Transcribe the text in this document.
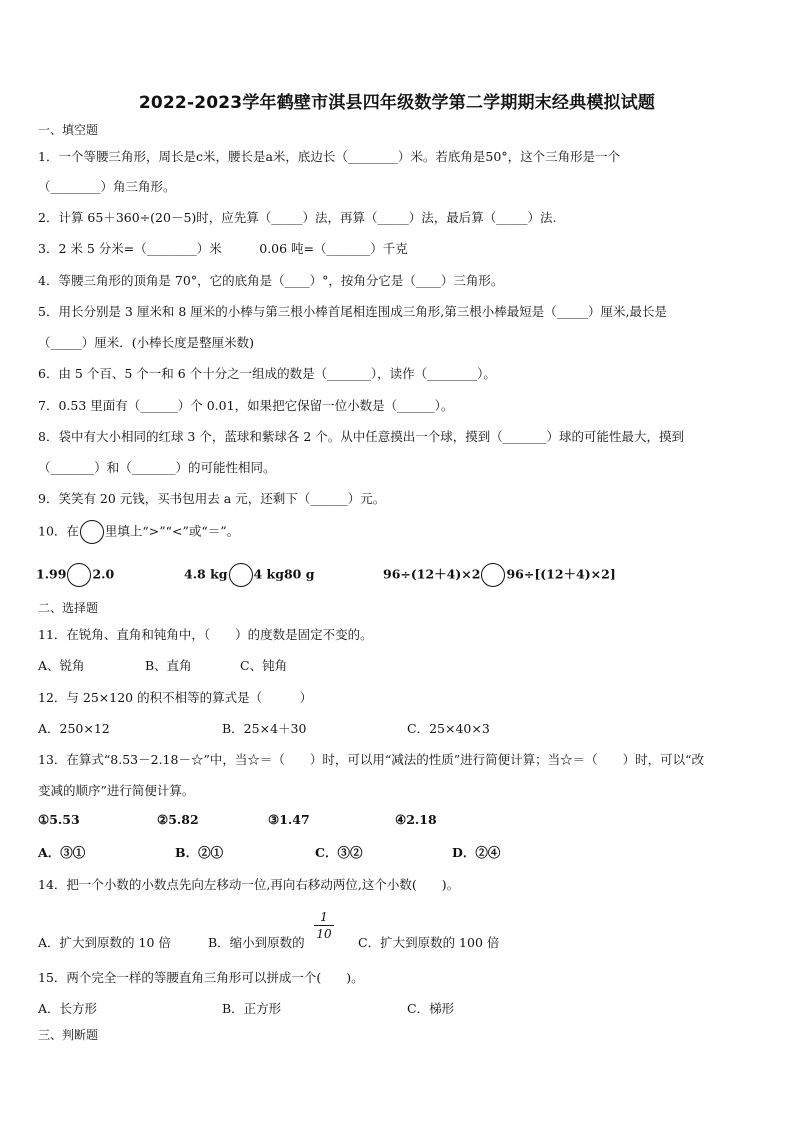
2022-2023学年鹤壁市淇县四年级数学第二学期期末经典模拟试题
一、填空题
1．一个等腰三角形，周长是c米，腰长是a米，底边长（________）米。若底角是50°，这个三角形是一个
（________）角三角形。
2．计算 65＋360÷(20－5)时，应先算（_____）法，再算（_____）法，最后算（_____）法.
3．2 米 5 分米=（________）米　　　0.06 吨=（_______）千克
4．等腰三角形的顶角是 70°，它的底角是（____）°，按角分它是（____）三角形。
5．用长分别是 3 厘米和 8 厘米的小棒与第三根小棒首尾相连围成三角形,第三根小棒最短是（_____）厘米,最长是
（_____）厘米．(小棒长度是整厘米数)
6．由 5 个百、5 个一和 6 个十分之一组成的数是（_______），读作（________）。
7．0.53 里面有（______）个 0.01，如果把它保留一位小数是（______）。
8．袋中有大小相同的红球 3 个，蓝球和紫球各 2 个。从中任意摸出一个球，摸到（_______）球的可能性最大，摸到
（_______）和（_______）的可能性相同。
9．笑笑有 20 元钱，买书包用去 a 元，还剩下（______）元。
10．在 里填上“>”“<”或“＝”。
1.99 2.0	4.8 kg 4 kg80 g	96÷(12＋4)×2 96÷[(12＋4)×2]
二、选择题
11．在锐角、直角和钝角中，（　　）的度数是固定不变的。
A、锐角	B、直角	C、钝角
12．与 25×120 的积不相等的算式是（　　　）
A．250×12	B．25×4＋30	C．25×40×3
13．在算式“8.53－2.18－☆”中，当☆＝（　　）时，可以用“减法的性质”进行简便计算；当☆＝（　　）时，可以“改
变减的顺序”进行简便计算。
①5.53	②5.82	③1.47	④2.18
A．③①	B．②①	C．③②	D．②④
14．把一个小数的小数点先向左移动一位,再向右移动两位,这个小数(　　)。
A．扩大到原数的 10 倍	B．缩小到原数的
1
10
C．扩大到原数的 100 倍
15．两个完全一样的等腰直角三角形可以拼成一个(　　)。
A．长方形	B．正方形	C．梯形
三、判断题
